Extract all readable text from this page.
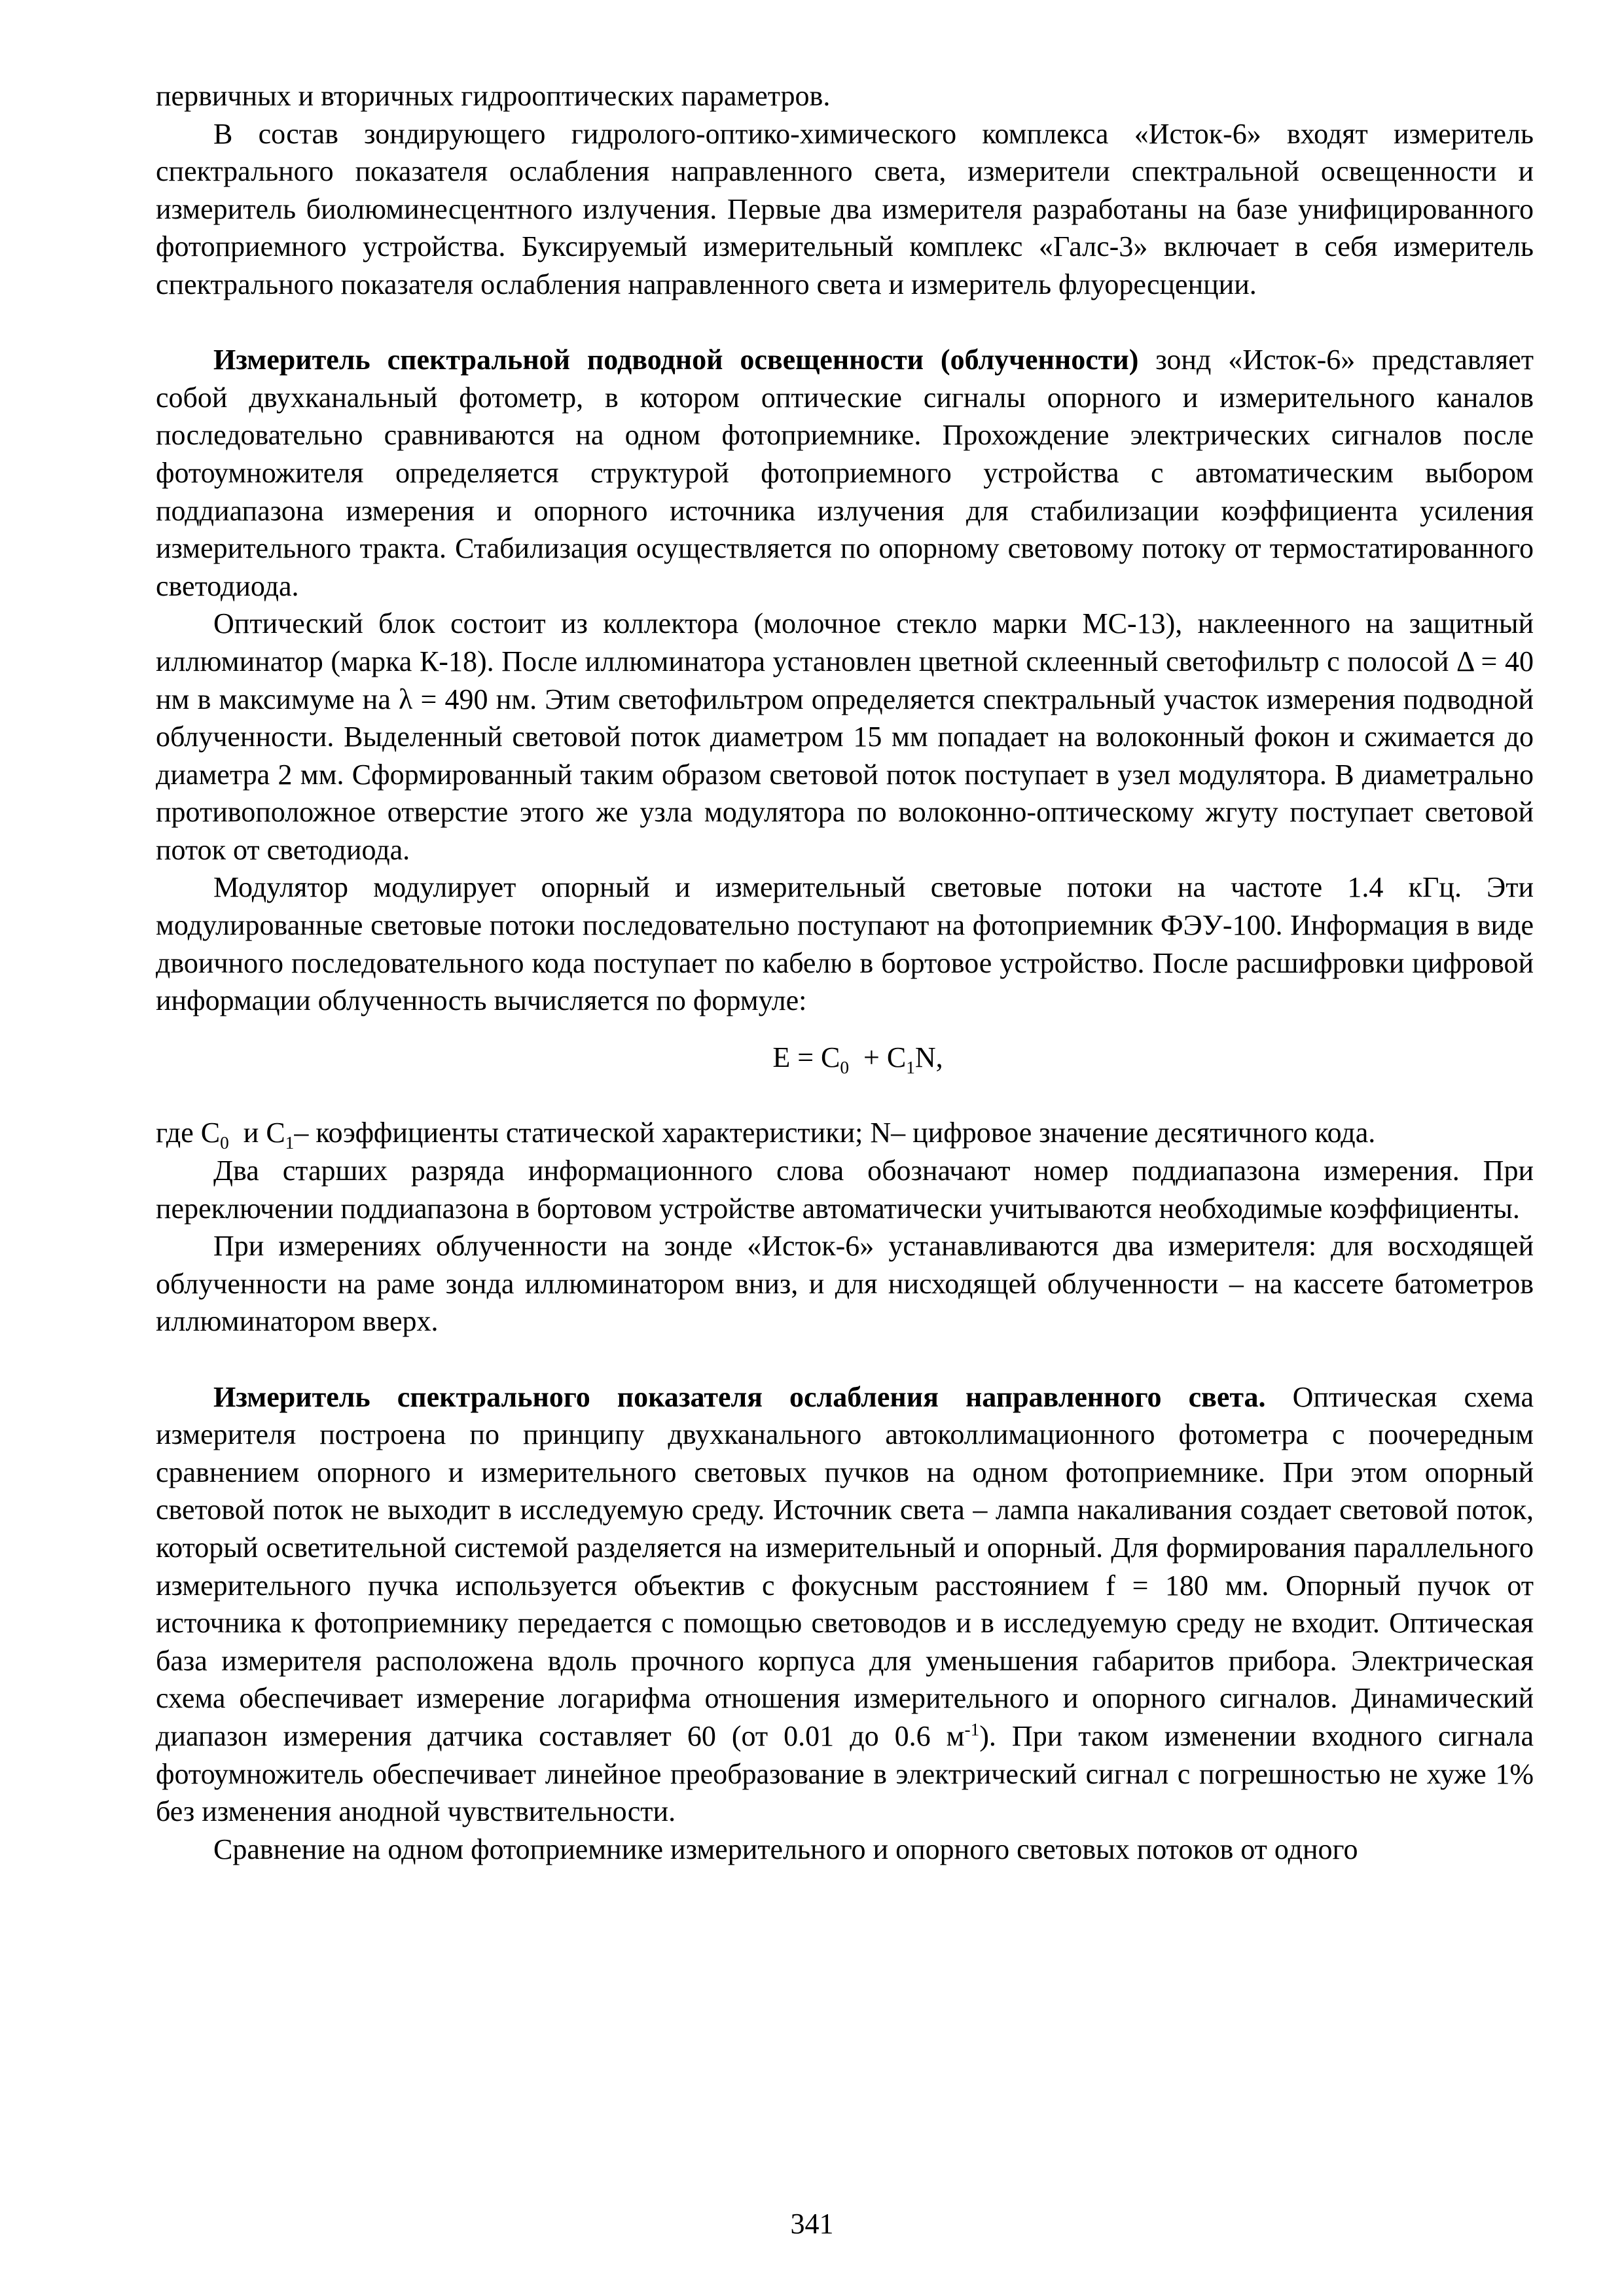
первичных и вторичных гидрооптических параметров.

В состав зондирующего гидролого-оптико-химического комплекса «Исток-6» входят измеритель спектрального показателя ослабления направленного света, измерители спектральной освещенности и измеритель биолюминесцентного излучения. Первые два измерителя разработаны на базе унифицированного фотоприемного устройства. Буксируемый измерительный комплекс «Галс-3» включает в себя измеритель спектрального показателя ослабления направленного света и измеритель флуоресценции.

Измеритель спектральной подводной освещенности (облученности) зонд «Исток-6» представляет собой двухканальный фотометр, в котором оптические сигналы опорного и измерительного каналов последовательно сравниваются на одном фотоприемнике. Прохождение электрических сигналов после фотоумножителя определяется структурой фотоприемного устройства с автоматическим выбором поддиапазона измерения и опорного источника излучения для стабилизации коэффициента усиления измерительного тракта. Стабилизация осуществляется по опорному световому потоку от термостатированного светодиода.

Оптический блок состоит из коллектора (молочное стекло марки МС-13), наклеенного на защитный иллюминатор (марка К-18). После иллюминатора установлен цветной склеенный светофильтр с полосой Δ = 40 нм в максимуме на λ = 490 нм. Этим светофильтром определяется спектральный участок измерения подводной облученности. Выделенный световой поток диаметром 15 мм попадает на волоконный фокон и сжимается до диаметра 2 мм. Сформированный таким образом световой поток поступает в узел модулятора. В диаметрально противоположное отверстие этого же узла модулятора по волоконно-оптическому жгуту поступает световой поток от светодиода.

Модулятор модулирует опорный и измерительный световые потоки на частоте 1.4 кГц. Эти модулированные световые потоки последовательно поступают на фотоприемник ФЭУ-100. Информация в виде двоичного последовательного кода поступает по кабелю в бортовое устройство. После расшифровки цифровой информации облученность вычисляется по формуле:

$E = C_0 + C_1N$,

где $С_0$  и $С_1-$ коэффициенты статической характеристики; N– цифровое значение десятичного кода.

Два старших разряда информационного слова обозначают номер поддиапазона измерения. При переключении поддиапазона в бортовом устройстве автоматически учитываются необходимые коэффициенты.

При измерениях облученности на зонде «Исток-6» устанавливаются два измерителя: для восходящей облученности на раме зонда иллюминатором вниз, и для нисходящей облученности – на кассете батометров иллюминатором вверх.

Измеритель спектрального показателя ослабления направленного света. Оптическая схема измерителя построена по принципу двухканального автоколлимационного фотометра с поочередным сравнением опорного и измерительного световых пучков на одном фотоприемнике. При этом опорный световой поток не выходит в исследуемую среду. Источник света – лампа накаливания создает световой поток, который осветительной системой разделяется на измерительный и опорный. Для формирования параллельного измерительного пучка используется объектив с фокусным расстоянием f = 180 мм. Опорный пучок от источника к фотоприемнику передается с помощью световодов и в исследуемую среду не входит. Оптическая база измерителя расположена вдоль прочного корпуса для уменьшения габаритов прибора. Электрическая схема обеспечивает измерение логарифма отношения измерительного и опорного сигналов. Динамический диапазон измерения датчика составляет 60 (от 0.01 до 0.6 $м^{-1}$). При таком изменении входного сигнала фотоумножитель обеспечивает линейное преобразование в электрический сигнал с погрешностью не хуже 1% без изменения анодной чувствительности.

Сравнение на одном фотоприемнике измерительного и опорного световых потоков от одного

341
